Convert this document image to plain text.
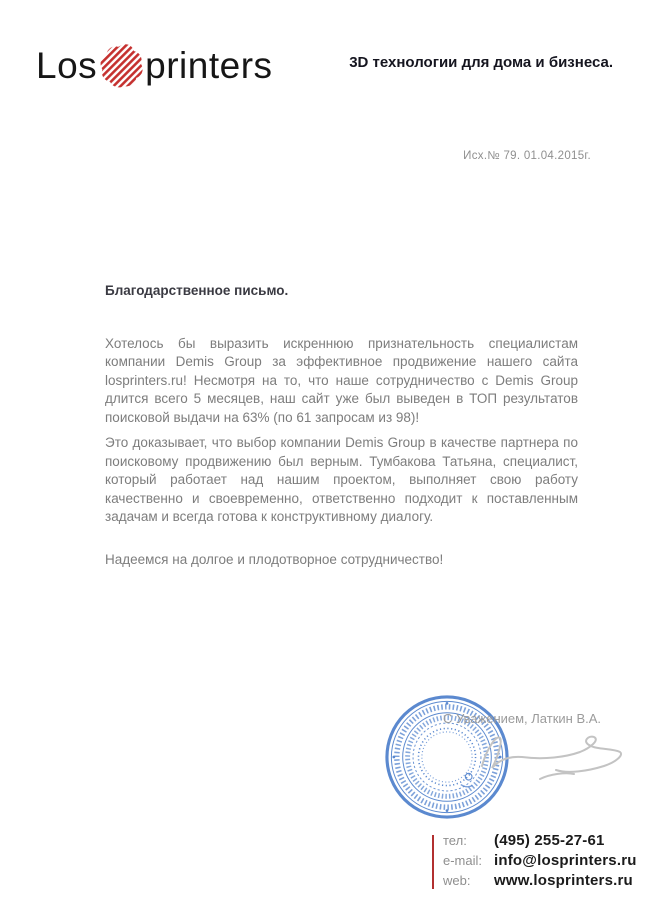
Los printers	3D технологии для дома и бизнеса.
Исх.№ 79. 01.04.2015г.
Благодарственное письмо.

Хотелось бы выразить искреннюю признательность специалистам компании Demis Group за эффективное продвижение нашего сайта losprinters.ru! Несмотря на то, что наше сотрудничество с Demis Group длится всего 5 месяцев, наш сайт уже был выведен в ТОП результатов поисковой выдачи на 63% (по 61 запросам из 98)!

Это доказывает, что выбор компании Demis Group в качестве партнера по поисковому продвижению был верным. Тумбакова Татьяна, специалист, который работает над нашим проектом, выполняет свою работу качественно и своевременно, ответственно подходит к поставленным задачам и всегда готова к конструктивному диалогу.

Надеемся на долгое и плодотворное сотрудничество!

С Уважением, Латкин В.А.
тел:	(495) 255-27-61
e-mail: info@losprinters.ru
web:	www.losprinters.ru
